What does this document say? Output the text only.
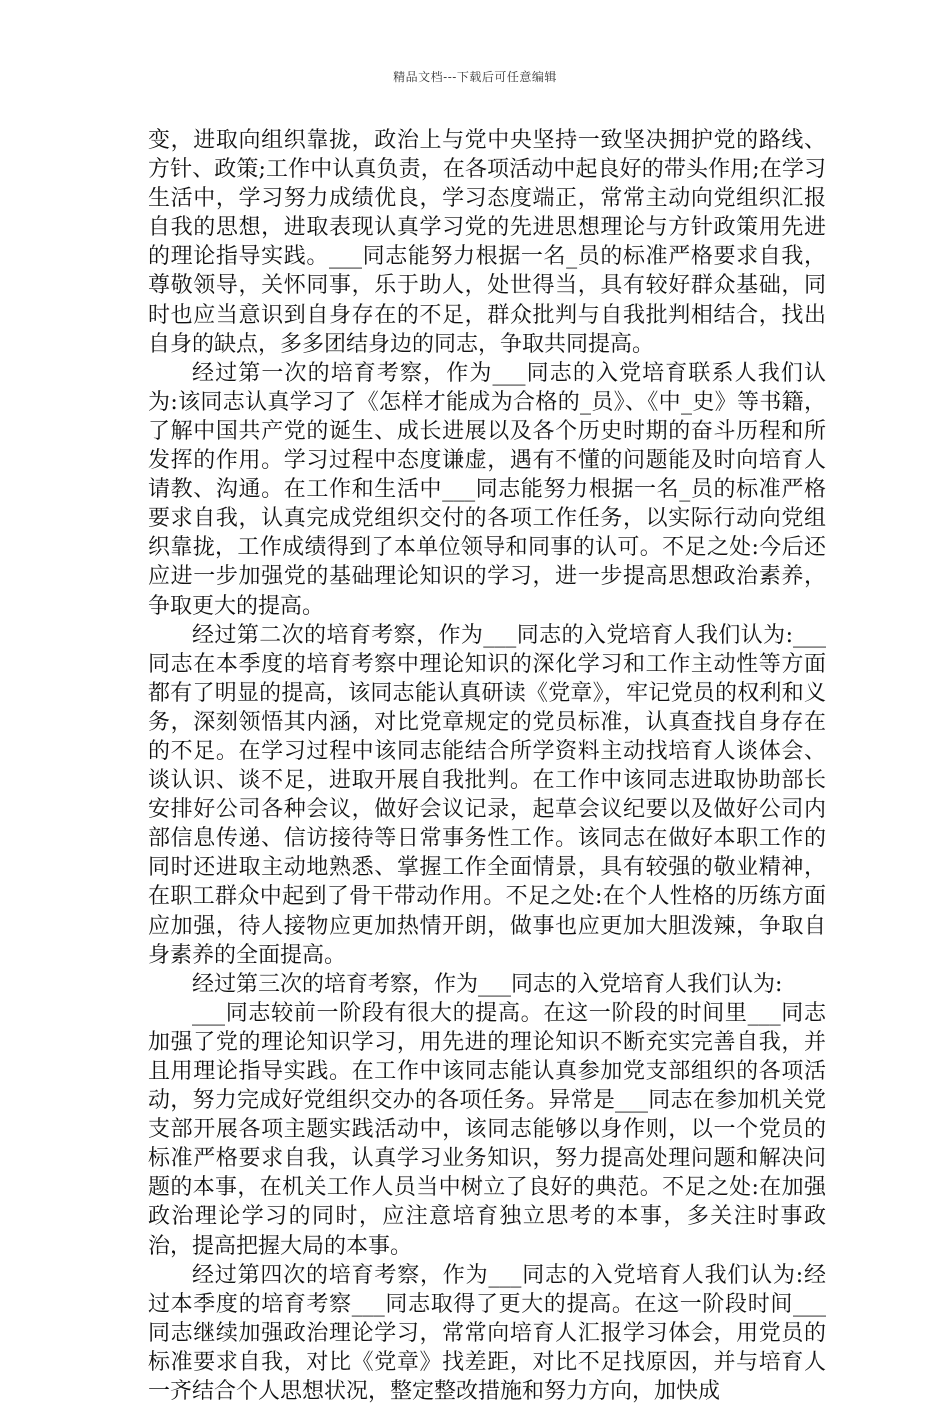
精品文档---下载后可任意编辑

变，进取向组织靠拢，政治上与党中央坚持一致坚决拥护党的路线、方针、政策;工作中认真负责，在各项活动中起良好的带头作用;在学习生活中，学习努力成绩优良，学习态度端正，常常主动向党组织汇报自我的思想，进取表现认真学习党的先进思想理论与方针政策用先进的理论指导实践。___同志能努力根据一名_员的标准严格要求自我，尊敬领导，关怀同事，乐于助人，处世得当，具有较好群众基础，同时也应当意识到自身存在的不足，群众批判与自我批判相结合，找出自身的缺点，多多团结身边的同志，争取共同提高。

经过第一次的培育考察，作为___同志的入党培育联系人我们认为:该同志认真学习了《怎样才能成为合格的_员》、《中_史》等书籍，了解中国共产党的诞生、成长进展以及各个历史时期的奋斗历程和所发挥的作用。学习过程中态度谦虚，遇有不懂的问题能及时向培育人请教、沟通。在工作和生活中___同志能努力根据一名_员的标准严格要求自我，认真完成党组织交付的各项工作任务，以实际行动向党组织靠拢，工作成绩得到了本单位领导和同事的认可。不足之处:今后还应进一步加强党的基础理论知识的学习，进一步提高思想政治素养，争取更大的提高。

经过第二次的培育考察，作为___同志的入党培育人我们认为:___同志在本季度的培育考察中理论知识的深化学习和工作主动性等方面都有了明显的提高，该同志能认真研读《党章》，牢记党员的权利和义务，深刻领悟其内涵，对比党章规定的党员标准，认真查找自身存在的不足。在学习过程中该同志能结合所学资料主动找培育人谈体会、谈认识、谈不足，进取开展自我批判。在工作中该同志进取协助部长安排好公司各种会议，做好会议记录，起草会议纪要以及做好公司内部信息传递、信访接待等日常事务性工作。该同志在做好本职工作的同时还进取主动地熟悉、掌握工作全面情景，具有较强的敬业精神，在职工群众中起到了骨干带动作用。不足之处:在个人性格的历练方面应加强，待人接物应更加热情开朗，做事也应更加大胆泼辣，争取自身素养的全面提高。

经过第三次的培育考察，作为___同志的入党培育人我们认为:

___同志较前一阶段有很大的提高。在这一阶段的时间里___同志加强了党的理论知识学习，用先进的理论知识不断充实完善自我，并且用理论指导实践。在工作中该同志能认真参加党支部组织的各项活动，努力完成好党组织交办的各项任务。异常是___同志在参加机关党支部开展各项主题实践活动中，该同志能够以身作则，以一个党员的标准严格要求自我，认真学习业务知识，努力提高处理问题和解决问题的本事，在机关工作人员当中树立了良好的典范。不足之处:在加强政治理论学习的同时，应注意培育独立思考的本事，多关注时事政治，提高把握大局的本事。

经过第四次的培育考察，作为___同志的入党培育人我们认为:经过本季度的培育考察___同志取得了更大的提高。在这一阶段时间___同志继续加强政治理论学习，常常向培育人汇报学习体会，用党员的标准要求自我，对比《党章》找差距，对比不足找原因，并与培育人一齐结合个人思想状况，整定整改措施和努力方向，加快成
